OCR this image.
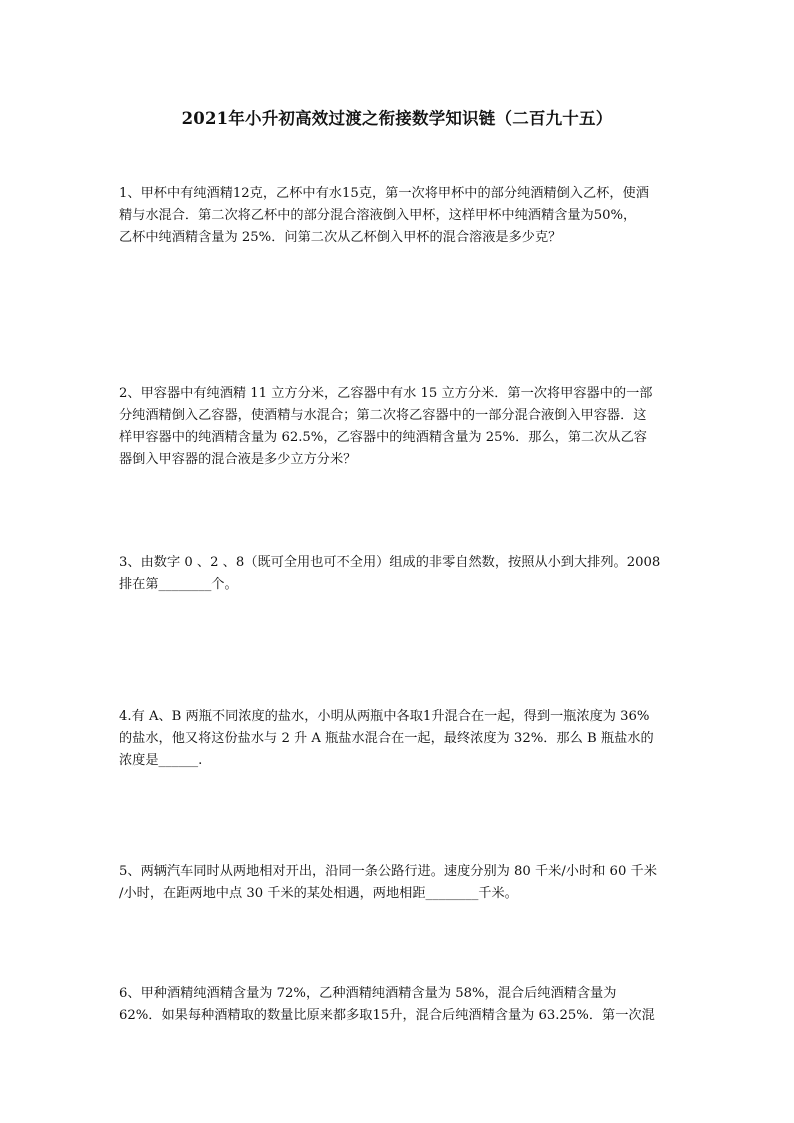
2021年小升初高效过渡之衔接数学知识链（二百九十五）
1、甲杯中有纯酒精12克，乙杯中有水15克，第一次将甲杯中的部分纯酒精倒入乙杯，使酒
精与水混合．第二次将乙杯中的部分混合溶液倒入甲杯，这样甲杯中纯酒精含量为50%，
乙杯中纯酒精含量为 25%．问第二次从乙杯倒入甲杯的混合溶液是多少克？
2、甲容器中有纯酒精 11 立方分米，乙容器中有水 15 立方分米．第一次将甲容器中的一部
分纯酒精倒入乙容器，使酒精与水混合；第二次将乙容器中的一部分混合液倒入甲容器．这
样甲容器中的纯酒精含量为 62.5%，乙容器中的纯酒精含量为 25%．那么，第二次从乙容
器倒入甲容器的混合液是多少立方分米？
3、由数字 0 、2 、8（既可全用也可不全用）组成的非零自然数，按照从小到大排列。2008
排在第________个。
4.有 A、B 两瓶不同浓度的盐水，小明从两瓶中各取1升混合在一起，得到一瓶浓度为 36%
的盐水，他又将这份盐水与 2 升 A 瓶盐水混合在一起，最终浓度为 32%．那么 B 瓶盐水的
浓度是______.
5、两辆汽车同时从两地相对开出，沿同一条公路行进。速度分别为 80 千米/小时和 60 千米
/小时，在距两地中点 30 千米的某处相遇，两地相距________千米。
6、甲种酒精纯酒精含量为 72%，乙种酒精纯酒精含量为 58%，混合后纯酒精含量为
62%．如果每种酒精取的数量比原来都多取15升，混合后纯酒精含量为 63.25%．第一次混
